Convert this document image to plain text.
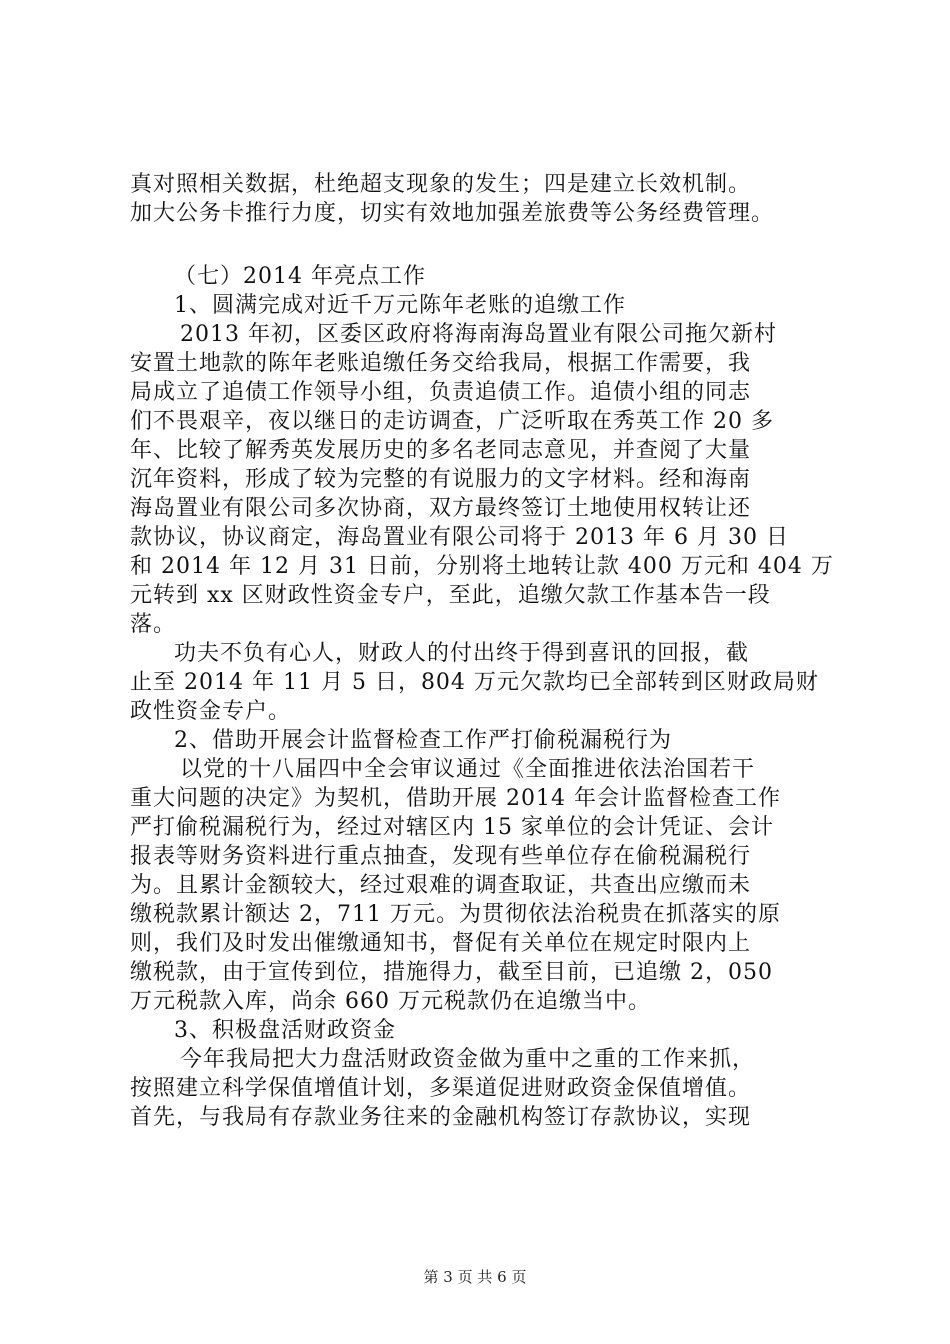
真对照相关数据，杜绝超支现象的发生；四是建立长效机制。
加大公务卡推行力度，切实有效地加强差旅费等公务经费管理。
（七）2014 年亮点工作
1、圆满完成对近千万元陈年老账的追缴工作
2013 年初，区委区政府将海南海岛置业有限公司拖欠新村
安置土地款的陈年老账追缴任务交给我局，根据工作需要，我
局成立了追债工作领导小组，负责追债工作。追债小组的同志
们不畏艰辛，夜以继日的走访调查，广泛听取在秀英工作 20 多
年、比较了解秀英发展历史的多名老同志意见，并查阅了大量
沉年资料，形成了较为完整的有说服力的文字材料。经和海南
海岛置业有限公司多次协商，双方最终签订土地使用权转让还
款协议，协议商定，海岛置业有限公司将于 2013 年 6 月 30 日
和 2014 年 12 月 31 日前，分别将土地转让款 400 万元和 404 万
元转到 xx 区财政性资金专户，至此，追缴欠款工作基本告一段
落。
功夫不负有心人，财政人的付出终于得到喜讯的回报，截
止至 2014 年 11 月 5 日，804 万元欠款均已全部转到区财政局财
政性资金专户。
2、借助开展会计监督检查工作严打偷税漏税行为
以党的十八届四中全会审议通过《全面推进依法治国若干
重大问题的决定》为契机，借助开展 2014 年会计监督检查工作
严打偷税漏税行为，经过对辖区内 15 家单位的会计凭证、会计
报表等财务资料进行重点抽查，发现有些单位存在偷税漏税行
为。且累计金额较大，经过艰难的调查取证，共查出应缴而未
缴税款累计额达 2，711 万元。为贯彻依法治税贵在抓落实的原
则，我们及时发出催缴通知书，督促有关单位在规定时限内上
缴税款，由于宣传到位，措施得力，截至目前，已追缴 2，050
万元税款入库，尚余 660 万元税款仍在追缴当中。
3、积极盘活财政资金
今年我局把大力盘活财政资金做为重中之重的工作来抓，
按照建立科学保值增值计划，多渠道促进财政资金保值增值。
首先，与我局有存款业务往来的金融机构签订存款协议，实现
第 3 页 共 6 页
